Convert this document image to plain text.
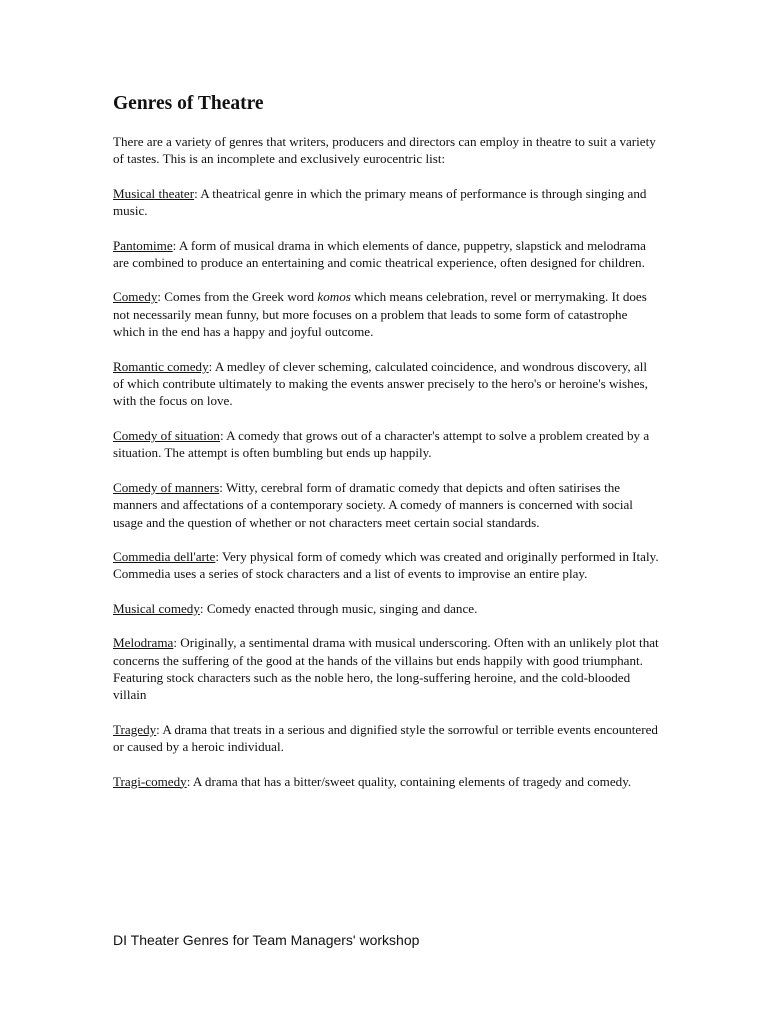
Genres of Theatre

There are a variety of genres that writers, producers and directors can employ in theatre to suit a variety of tastes. This is an incomplete and exclusively eurocentric list:

Musical theater: A theatrical genre in which the primary means of performance is through singing and music.

Pantomime: A form of musical drama in which elements of dance, puppetry, slapstick and melodrama are combined to produce an entertaining and comic theatrical experience, often designed for children.

Comedy: Comes from the Greek word komos which means celebration, revel or merrymaking. It does not necessarily mean funny, but more focuses on a problem that leads to some form of catastrophe which in the end has a happy and joyful outcome.

Romantic comedy: A medley of clever scheming, calculated coincidence, and wondrous discovery, all of which contribute ultimately to making the events answer precisely to the hero's or heroine's wishes, with the focus on love.

Comedy of situation: A comedy that grows out of a character's attempt to solve a problem created by a situation. The attempt is often bumbling but ends up happily.

Comedy of manners: Witty, cerebral form of dramatic comedy that depicts and often satirises the manners and affectations of a contemporary society. A comedy of manners is concerned with social usage and the question of whether or not characters meet certain social standards.

Commedia dell'arte: Very physical form of comedy which was created and originally performed in Italy. Commedia uses a series of stock characters and a list of events to improvise an entire play.

Musical comedy: Comedy enacted through music, singing and dance.

Melodrama: Originally, a sentimental drama with musical underscoring. Often with an unlikely plot that concerns the suffering of the good at the hands of the villains but ends happily with good triumphant. Featuring stock characters such as the noble hero, the long-suffering heroine, and the cold-blooded villain

Tragedy: A drama that treats in a serious and dignified style the sorrowful or terrible events encountered or caused by a heroic individual.

Tragi-comedy: A drama that has a bitter/sweet quality, containing elements of tragedy and comedy.

DI Theater Genres for Team Managers' workshop
